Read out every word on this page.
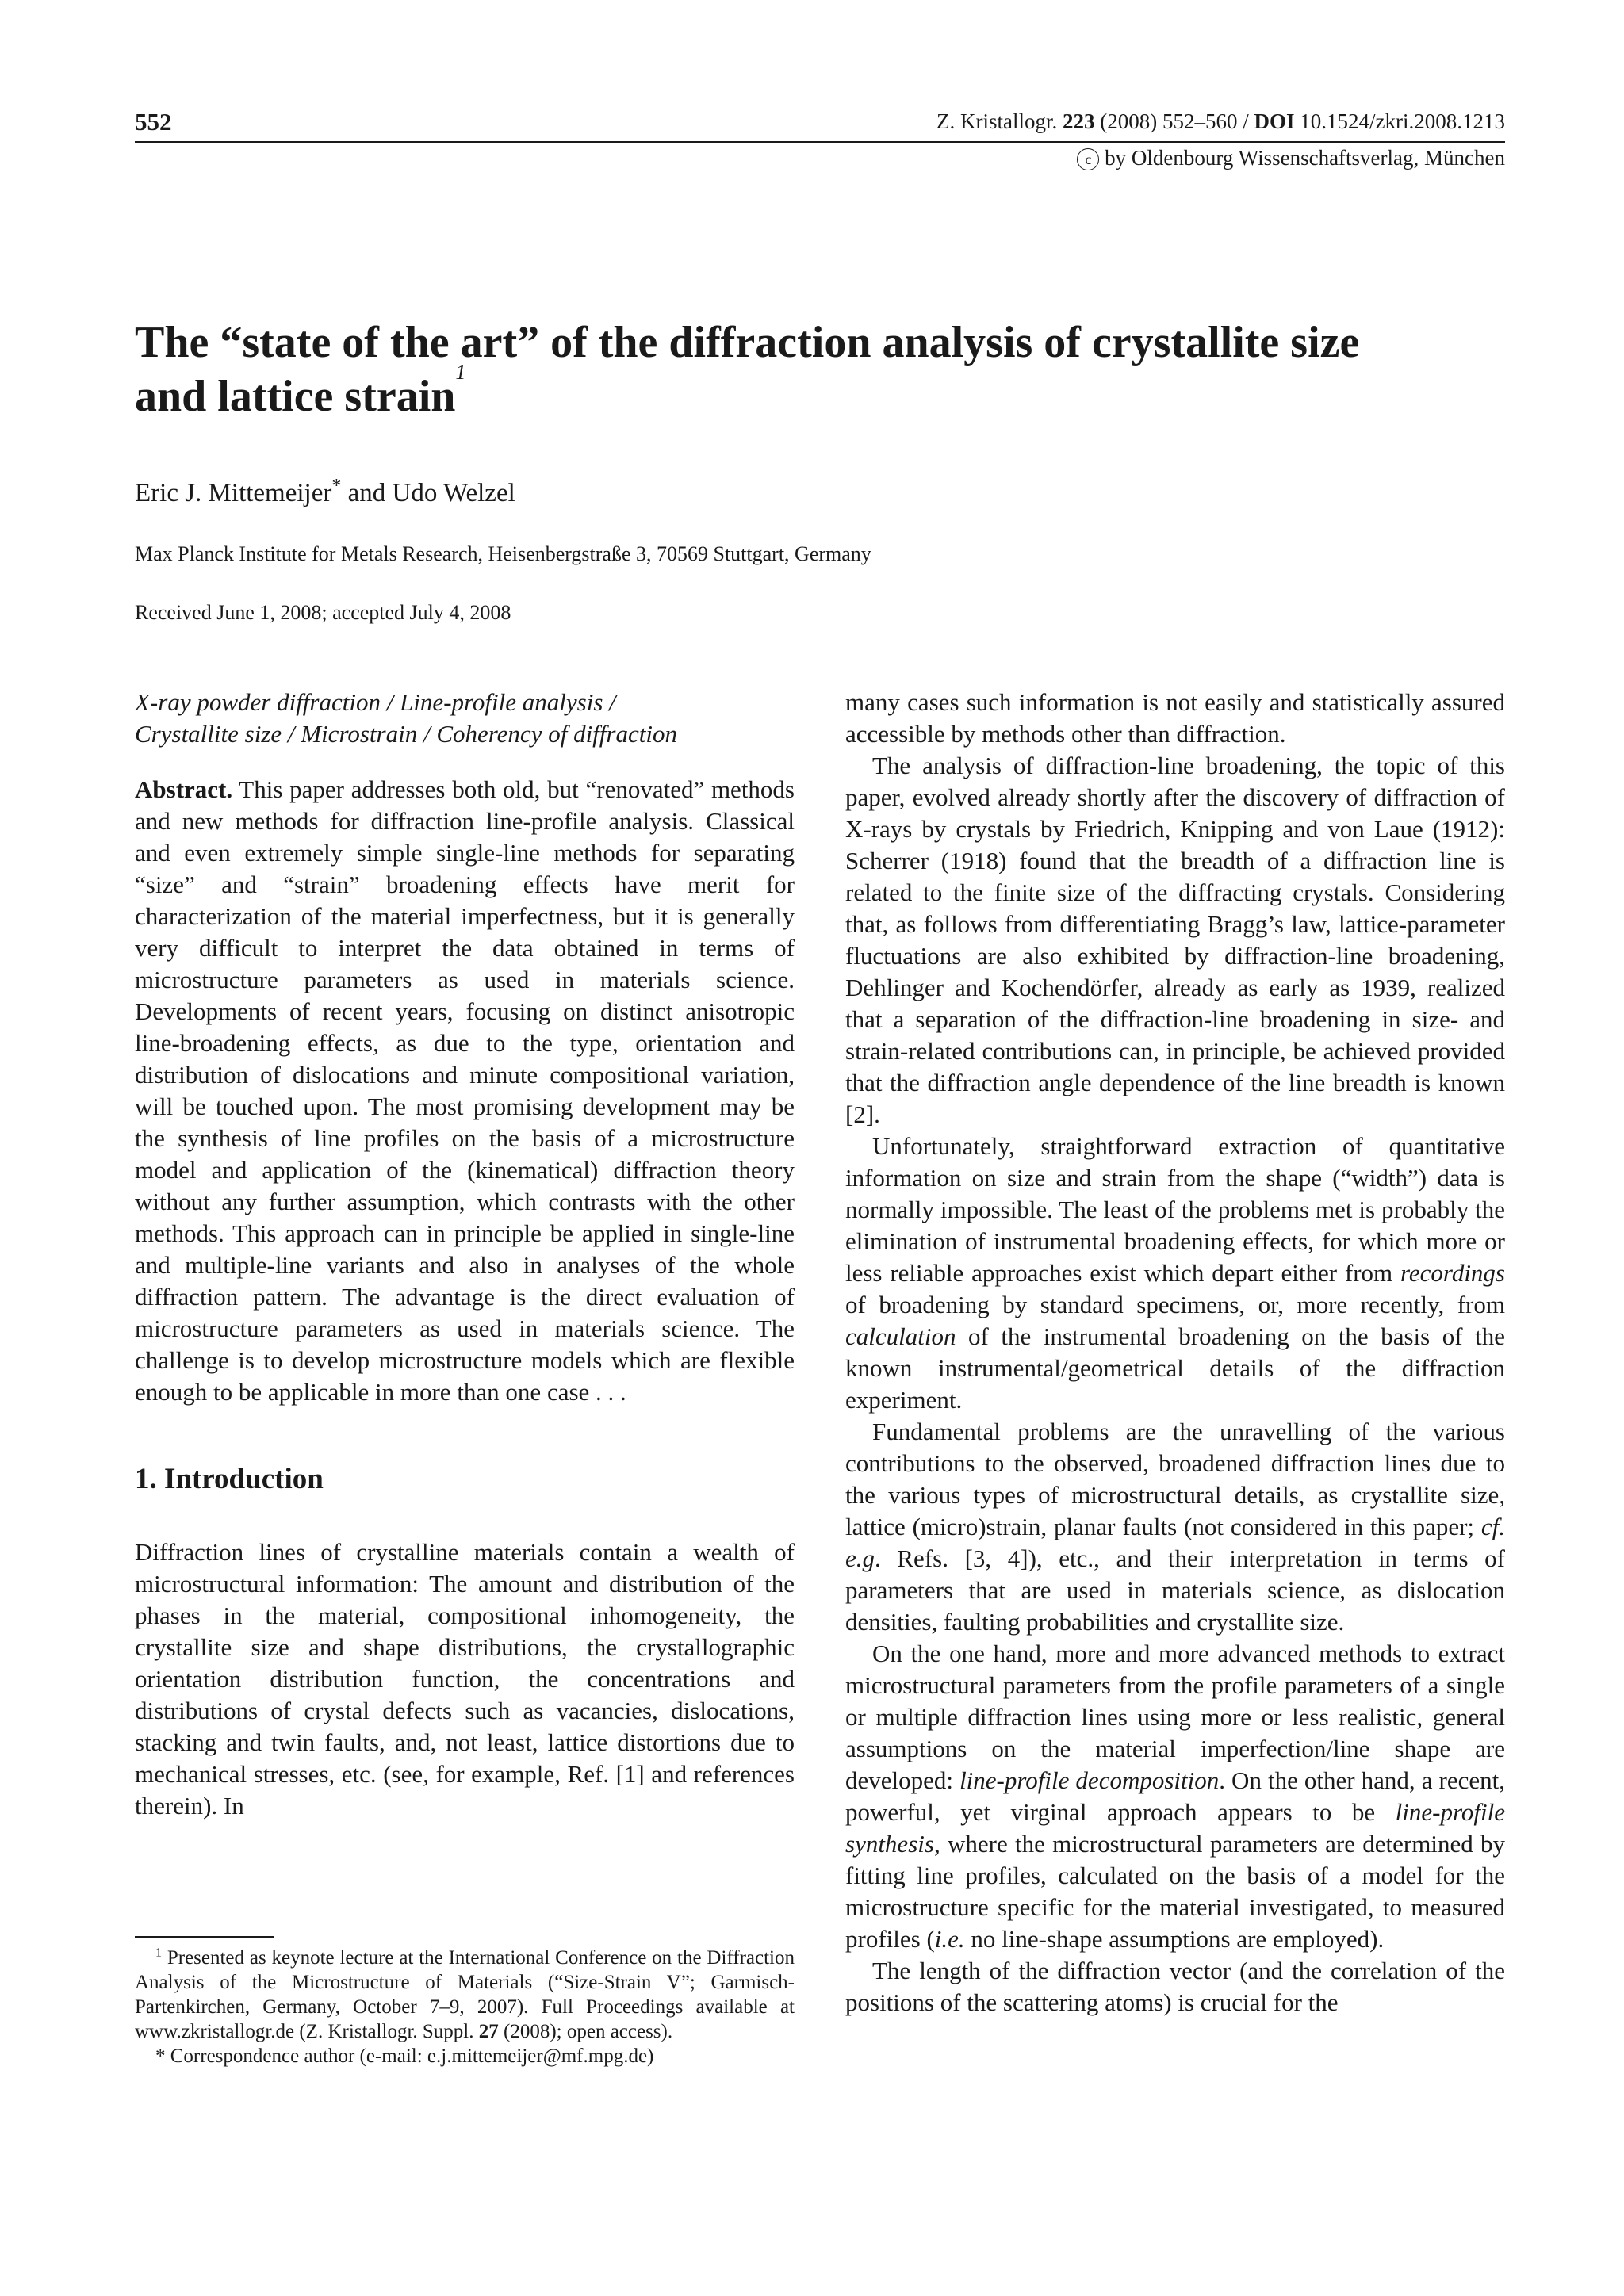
552	Z. Kristallogr. 223 (2008) 552–560 / DOI 10.1524/zkri.2008.1213
c by Oldenbourg Wissenschaftsverlag, München
The “state of the art” of the diffraction analysis of crystallite size
and lattice strain$^1$
Eric J. Mittemeijer* and Udo Welzel
Max Planck Institute for Metals Research, Heisenbergstraße 3, 70569 Stuttgart, Germany
Received June 1, 2008; accepted July 4, 2008

X-ray powder diffraction / Line-profile analysis /
Crystallite size / Microstrain / Coherency of diffraction

Abstract. This paper addresses both old, but “renovated” methods and new methods for diffraction line-profile analysis. Classical and even extremely simple single-line methods for separating “size” and “strain” broadening effects have merit for characterization of the material imperfectness, but it is generally very difficult to interpret the data obtained in terms of microstructure parameters as used in materials science. Developments of recent years, focusing on distinct anisotropic line-broadening effects, as due to the type, orientation and distribution of dislocations and minute compositional variation, will be touched upon. The most promising development may be the synthesis of line profiles on the basis of a microstructure model and application of the (kinematical) diffraction theory without any further assumption, which contrasts with the other methods. This approach can in principle be applied in single-line and multiple-line variants and also in analyses of the whole diffraction pattern. The advantage is the direct evaluation of microstructure parameters as used in materials science. The challenge is to develop microstructure models which are flexible enough to be applicable in more than one case . . .

1. Introduction

Diffraction lines of crystalline materials contain a wealth of microstructural information: The amount and distribution of the phases in the material, compositional inhomogeneity, the crystallite size and shape distributions, the crystallographic orientation distribution function, the concentrations and distributions of crystal defects such as vacancies, dislocations, stacking and twin faults, and, not least, lattice distortions due to mechanical stresses, etc. (see, for example, Ref. [1] and references therein). In

many cases such information is not easily and statistically assured accessible by methods other than diffraction.

The analysis of diffraction-line broadening, the topic of this paper, evolved already shortly after the discovery of diffraction of X-rays by crystals by Friedrich, Knipping and von Laue (1912): Scherrer (1918) found that the breadth of a diffraction line is related to the finite size of the diffracting crystals. Considering that, as follows from differentiating Bragg’s law, lattice-parameter fluctuations are also exhibited by diffraction-line broadening, Dehlinger and Kochendörfer, already as early as 1939, realized that a separation of the diffraction-line broadening in size- and strain-related contributions can, in principle, be achieved provided that the diffraction angle dependence of the line breadth is known [2].

Unfortunately, straightforward extraction of quantitative information on size and strain from the shape (“width”) data is normally impossible. The least of the problems met is probably the elimination of instrumental broadening effects, for which more or less reliable approaches exist which depart either from recordings of broadening by standard specimens, or, more recently, from calculation of the instrumental broadening on the basis of the known instrumental/geometrical details of the diffraction experiment.

Fundamental problems are the unravelling of the various contributions to the observed, broadened diffraction lines due to the various types of microstructural details, as crystallite size, lattice (micro)strain, planar faults (not considered in this paper; cf. e.g. Refs. [3, 4]), etc., and their interpretation in terms of parameters that are used in materials science, as dislocation densities, faulting probabilities and crystallite size.

On the one hand, more and more advanced methods to extract microstructural parameters from the profile parameters of a single or multiple diffraction lines using more or less realistic, general assumptions on the material imperfection/line shape are developed: line-profile decomposition. On the other hand, a recent, powerful, yet virginal approach appears to be line-profile synthesis, where the microstructural parameters are determined by fitting line profiles, calculated on the basis of a model for the microstructure specific for the material investigated, to measured profiles (i.e. no line-shape assumptions are employed).

The length of the diffraction vector (and the correlation of the positions of the scattering atoms) is crucial for the

$^1$ Presented as keynote lecture at the International Conference on the Diffraction Analysis of the Microstructure of Materials (“Size-Strain V”; Garmisch-Partenkirchen, Germany, October 7–9, 2007). Full Proceedings available at www.zkristallogr.de (Z. Kristallogr. Suppl. 27 (2008); open access).

* Correspondence author (e-mail: e.j.mittemeijer@mf.mpg.de)
